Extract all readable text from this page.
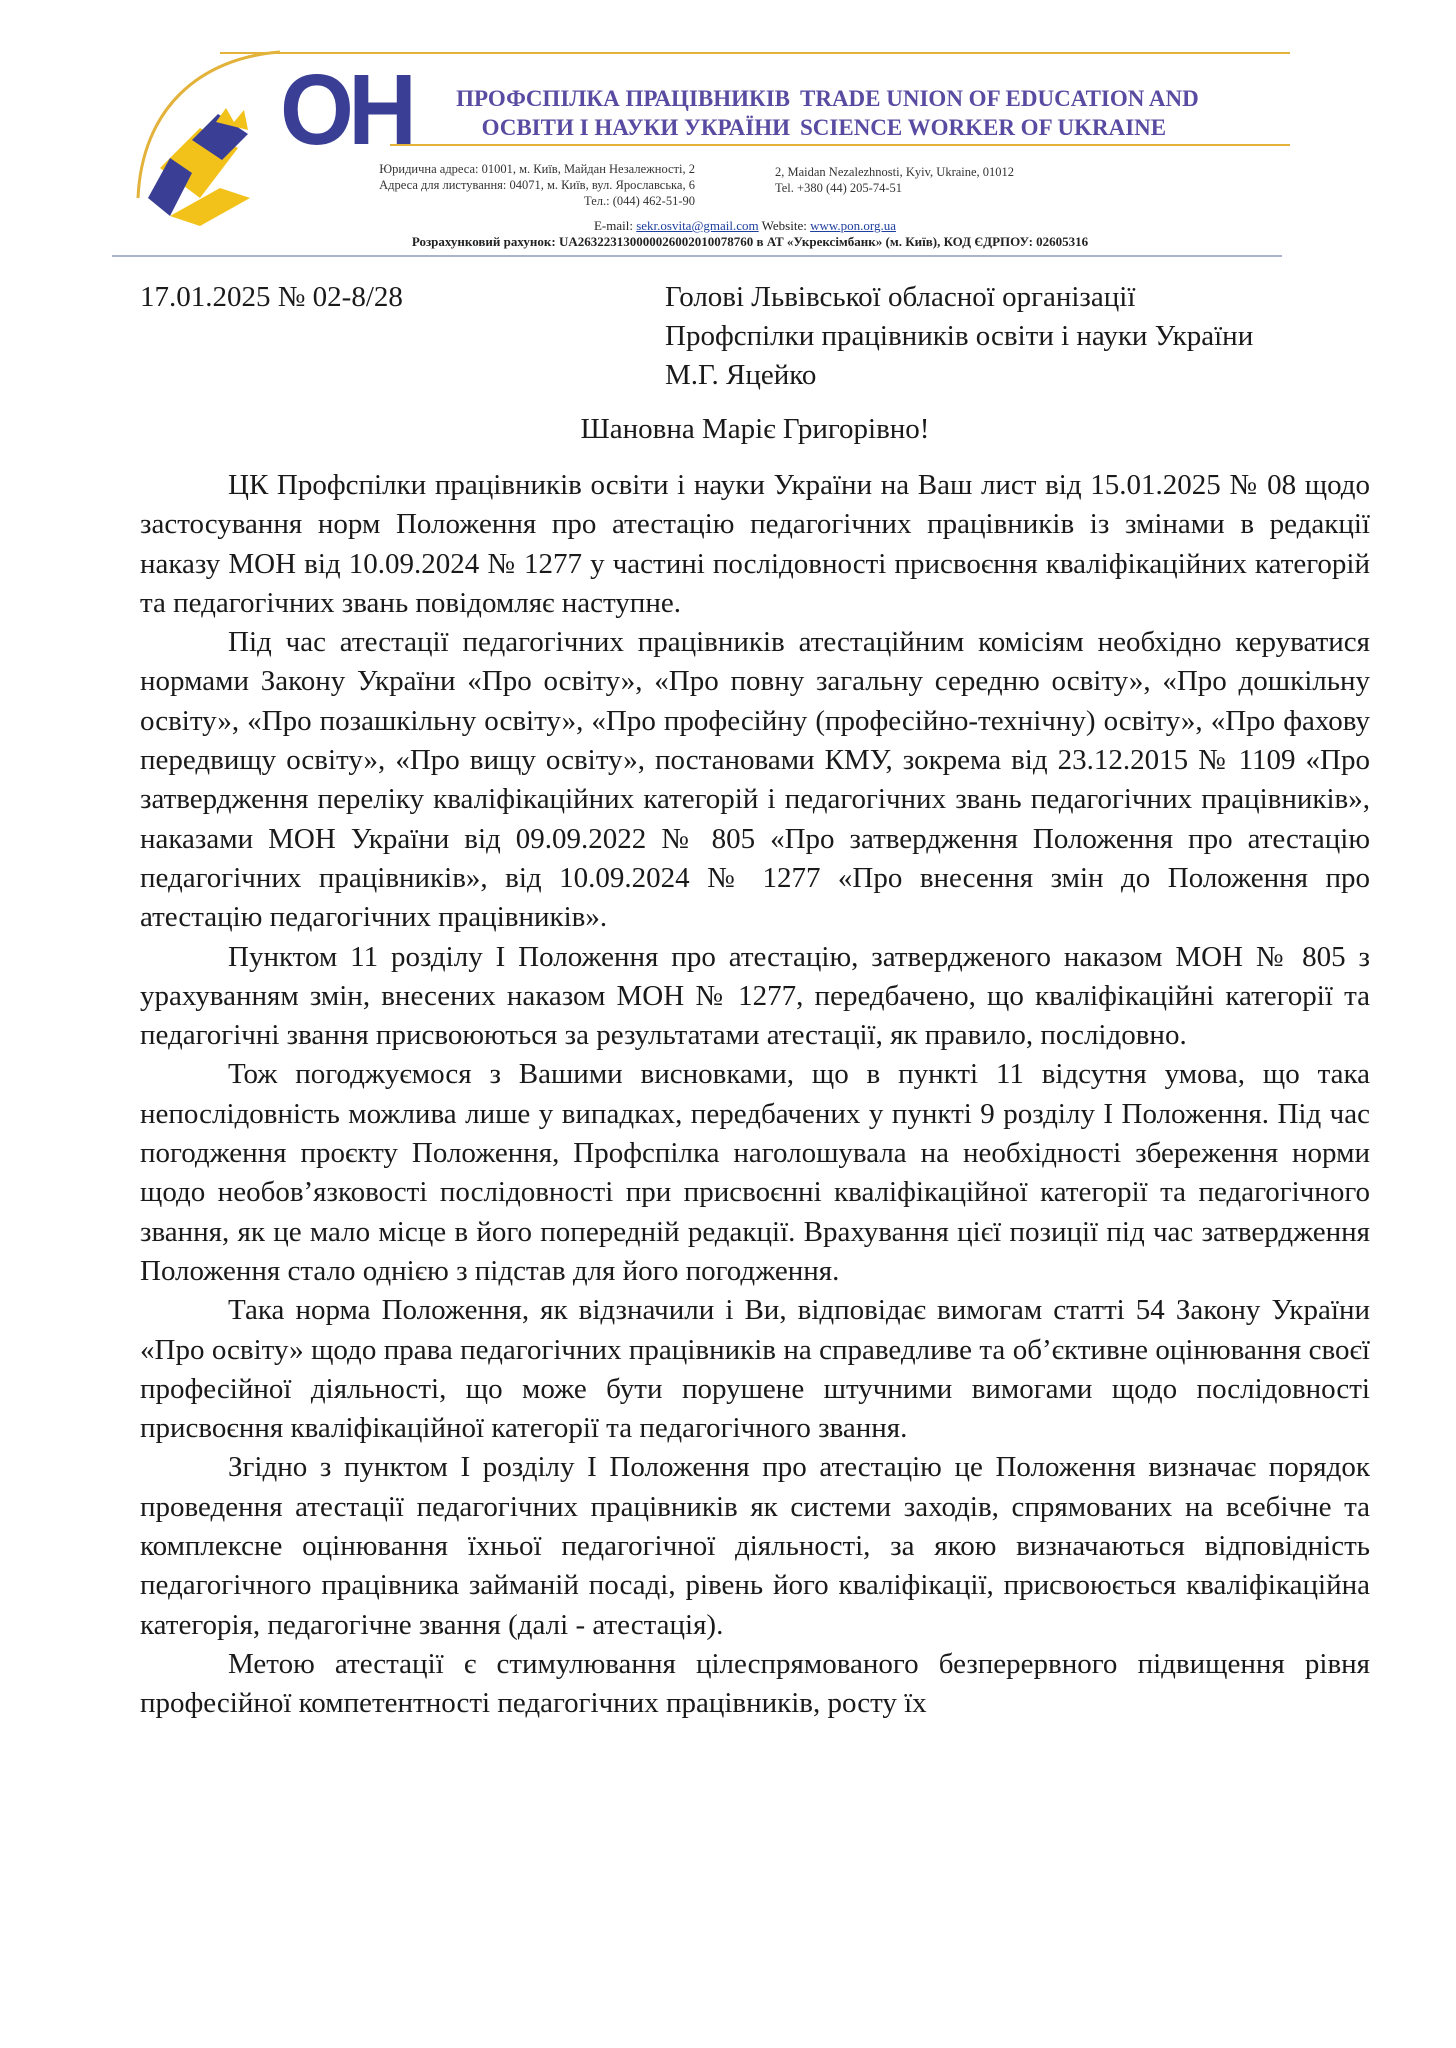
ОН	ПРОФСПІЛКА ПРАЦІВНИКІВ
ОСВІТИ І НАУКИ УКРАЇНИ
TRADE UNION OF EDUCATION AND
SCIENCE WORKER OF UKRAINE
Юридична адреса: 01001, м. Київ, Майдан Незалежності, 2
Адреса для листування: 04071, м. Київ, вул. Ярославська, 6
Тел.: (044) 462-51-90
2, Maidan Nezalezhnosti, Kyiv, Ukraine, 01012
Tel. +380 (44) 205-74-51
E-mail: sekr.osvita@gmail.com Website: www.pon.org.ua
Розрахунковий рахунок: UA263223130000026002010078760 в АТ «Укрексімбанк» (м. Київ), КОД ЄДРПОУ: 02605316
17.01.2025 № 02-8/28	Голові Львівської обласної організації
Профспілки працівників освіти і науки України
М.Г. Яцейко
Шановна Маріє Григорівно!

ЦК Профспілки працівників освіти і науки України на Ваш лист від 15.01.2025 № 08 щодо застосування норм Положення про атестацію педагогічних працівників із змінами в редакції наказу МОН від 10.09.2024 № 1277 у частині послідовності присвоєння кваліфікаційних категорій та педагогічних звань повідомляє наступне.

Під час атестації педагогічних працівників атестаційним комісіям необхідно керуватися нормами Закону України «Про освіту», «Про повну загальну середню освіту», «Про дошкільну освіту», «Про позашкільну освіту», «Про професійну (професійно-технічну) освіту», «Про фахову передвищу освіту», «Про вищу освіту», постановами КМУ, зокрема від 23.12.2015 № 1109 «Про затвердження переліку кваліфікаційних категорій і педагогічних звань педагогічних працівників», наказами МОН України від 09.09.2022 № 805 «Про затвердження Положення про атестацію педагогічних працівників», від 10.09.2024 № 1277 «Про внесення змін до Положення про атестацію педагогічних працівників».

Пунктом 11 розділу I Положення про атестацію, затвердженого наказом МОН № 805 з урахуванням змін, внесених наказом МОН № 1277, передбачено, що кваліфікаційні категорії та педагогічні звання присвоюються за результатами атестації, як правило, послідовно.

Тож погоджуємося з Вашими висновками, що в пункті 11 відсутня умова, що така непослідовність можлива лише у випадках, передбачених у пункті 9 розділу I Положення. Під час погодження проєкту Положення, Профспілка наголошувала на необхідності збереження норми щодо необов’язковості послідовності при присвоєнні кваліфікаційної категорії та педагогічного звання, як це мало місце в його попередній редакції. Врахування цієї позиції під час затвердження Положення стало однією з підстав для його погодження.

Така норма Положення, як відзначили і Ви, відповідає вимогам статті 54 Закону України «Про освіту» щодо права педагогічних працівників на справедливе та об’єктивне оцінювання своєї професійної діяльності, що може бути порушене штучними вимогами щодо послідовності присвоєння кваліфікаційної категорії та педагогічного звання.

Згідно з пунктом I розділу I Положення про атестацію це Положення визначає порядок проведення атестації педагогічних працівників як системи заходів, спрямованих на всебічне та комплексне оцінювання їхньої педагогічної діяльності, за якою визначаються відповідність педагогічного працівника займаній посаді, рівень його кваліфікації, присвоюється кваліфікаційна категорія, педагогічне звання (далі - атестація).

Метою атестації є стимулювання цілеспрямованого безперервного підвищення рівня професійної компетентності педагогічних працівників, росту їх
